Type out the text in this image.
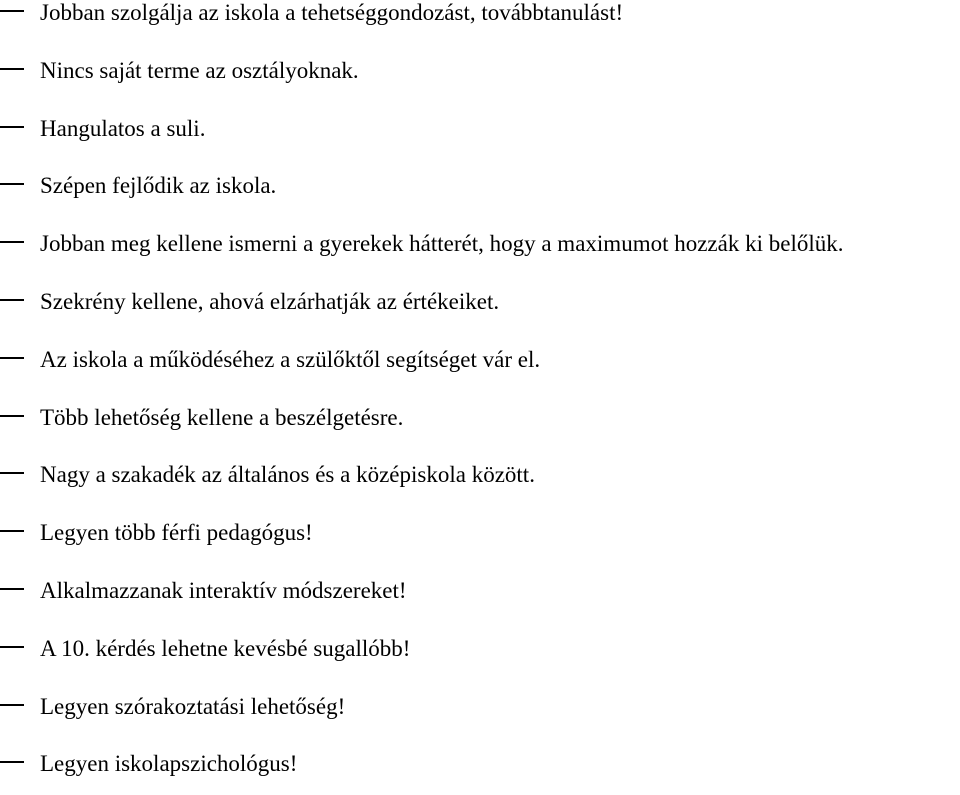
Jobban szolgálja az iskola a tehetséggondozást, továbbtanulást!
Nincs saját terme az osztályoknak.
Hangulatos a suli.
Szépen fejlődik az iskola.
Jobban meg kellene ismerni a gyerekek hátterét, hogy a maximumot hozzák ki belőlük.
Szekrény kellene, ahová elzárhatják az értékeiket.
Az iskola a működéséhez a szülőktől segítséget vár el.
Több lehetőség kellene a beszélgetésre.
Nagy a szakadék az általános és a középiskola között.
Legyen több férfi pedagógus!
Alkalmazzanak interaktív módszereket!
A 10. kérdés lehetne kevésbé sugallóbb!
Legyen szórakoztatási lehetőség!
Legyen iskolapszichológus!
